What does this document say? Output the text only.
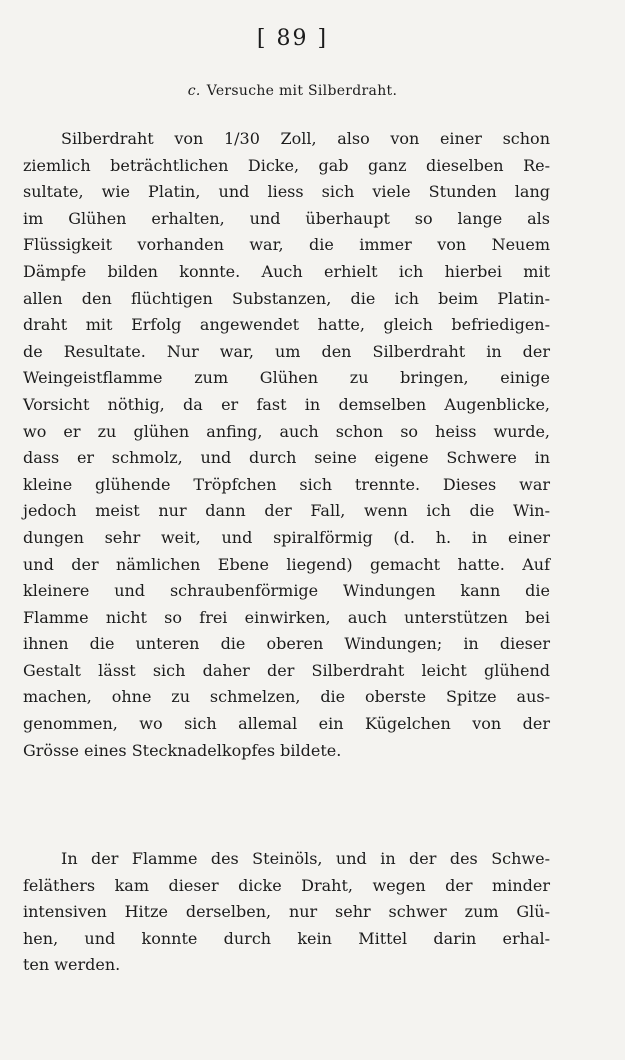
[ 89 ]
c. Versuche mit Silberdraht.
Silberdraht von 1/30 Zoll, also von einer schon
ziemlich beträchtlichen Dicke, gab ganz dieselben Re-
sultate, wie Platin, und liess sich viele Stunden lang
im Glühen erhalten, und überhaupt so lange als
Flüssigkeit vorhanden war, die immer von Neuem
Dämpfe bilden konnte. Auch erhielt ich hierbei mit
allen den flüchtigen Substanzen, die ich beim Platin-
draht mit Erfolg angewendet hatte, gleich befriedigen-
de Resultate. Nur war, um den Silberdraht in der
Weingeistflamme zum Glühen zu bringen, einige
Vorsicht nöthig, da er fast in demselben Augenblicke,
wo er zu glühen anfing, auch schon so heiss wurde,
dass er schmolz, und durch seine eigene Schwere in
kleine glühende Tröpfchen sich trennte. Dieses war
jedoch meist nur dann der Fall, wenn ich die Win-
dungen sehr weit, und spiralförmig (d. h. in einer
und der nämlichen Ebene liegend) gemacht hatte. Auf
kleinere und schraubenförmige Windungen kann die
Flamme nicht so frei einwirken, auch unterstützen bei
ihnen die unteren die oberen Windungen; in dieser
Gestalt lässt sich daher der Silberdraht leicht glühend
machen, ohne zu schmelzen, die oberste Spitze aus-
genommen, wo sich allemal ein Kügelchen von der
Grösse eines Stecknadelkopfes bildete.
In der Flamme des Steinöls, und in der des Schwe-
feläthers kam dieser dicke Draht, wegen der minder
intensiven Hitze derselben, nur sehr schwer zum Glü-
hen, und konnte durch kein Mittel darin erhal-
ten werden.
